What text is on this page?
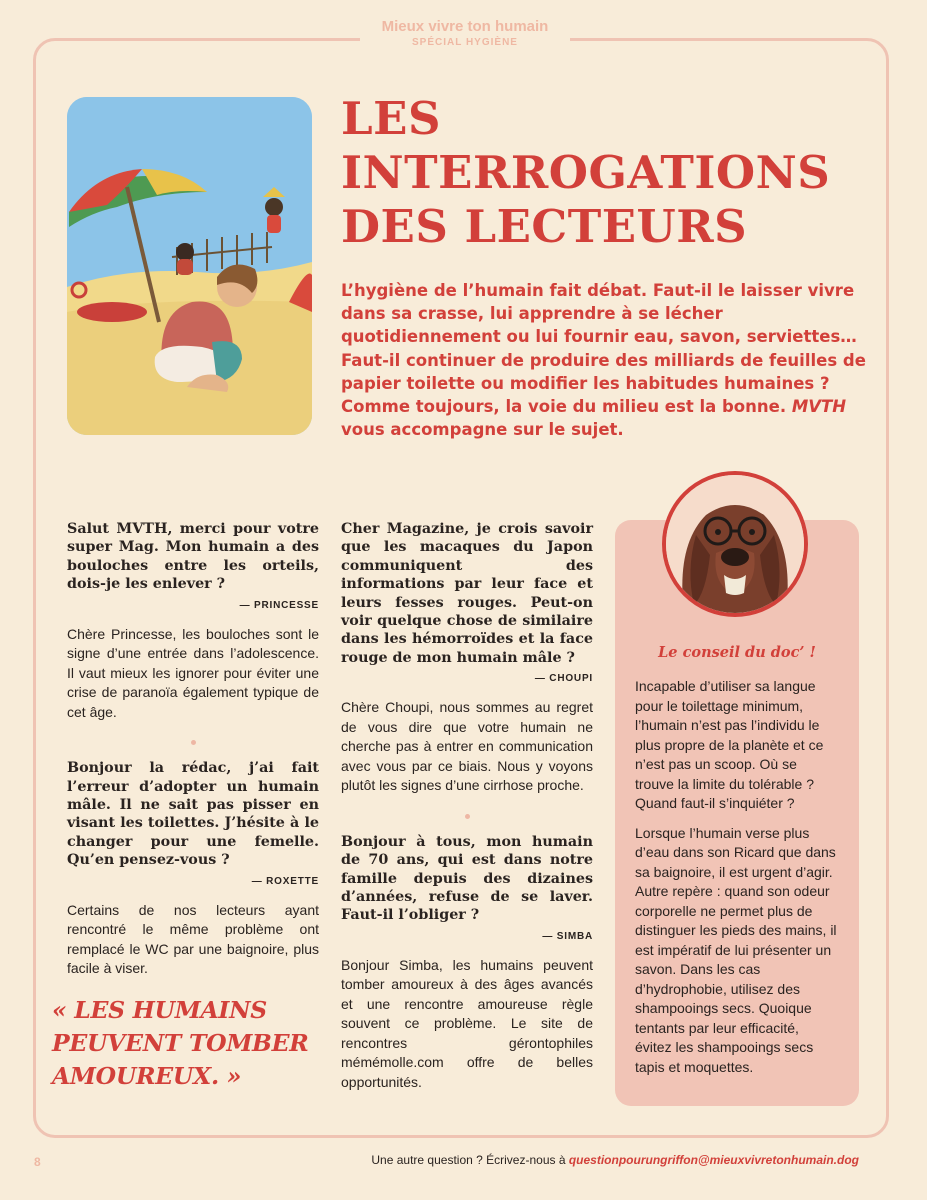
Mieux vivre ton humain
SPÉCIAL HYGIÈNE
LES
INTERROGATIONS
DES LECTEURS
L’hygiène de l’humain fait débat. Faut-il le laisser vivre dans sa crasse, lui apprendre à se lécher quotidiennement ou lui fournir eau, savon, serviettes… Faut-il continuer de produire des milliards de feuilles de papier toilette ou modifier les habitudes humaines ? Comme toujours, la voie du milieu est la bonne. MVTH vous accompagne sur le sujet.

Salut MVTH, merci pour votre super Mag. Mon humain a des bouloches entre les orteils, dois-je les enlever ?

— PRINCESSE

Chère Princesse, les bouloches sont le signe d’une entrée dans l’adolescence. Il vaut mieux les ignorer pour éviter une crise de paranoïa également typique de cet âge.

Bonjour la rédac, j’ai fait l’erreur d’adopter un humain mâle. Il ne sait pas pisser en visant les toilettes. J’hésite à le changer pour une femelle. Qu’en pensez-vous ?

— ROXETTE

Certains de nos lecteurs ayant rencontré le même problème ont remplacé le WC par une baignoire, plus facile à viser.

Cher Magazine, je crois savoir que les macaques du Japon communiquent des informations par leur face et leurs fesses rouges. Peut-on voir quelque chose de similaire dans les hémorroïdes et la face rouge de mon humain mâle ?

— CHOUPI

Chère Choupi, nous sommes au regret de vous dire que votre humain ne cherche pas à entrer en communication avec vous par ce biais. Nous y voyons plutôt les signes d’une cirrhose proche.

Bonjour à tous, mon humain de 70 ans, qui est dans notre famille depuis des dizaines d’années, refuse de se laver. Faut-il l’obliger ?

— SIMBA

Bonjour Simba, les humains peuvent tomber amoureux à des âges avancés et une rencontre amoureuse règle souvent ce problème. Le site de rencontres gérontophiles mémémolle.com offre de belles opportunités.

« LES HUMAINS PEUVENT TOMBER AMOUREUX. »
Le conseil du doc’ !

Incapable d’utiliser sa langue pour le toilettage minimum, l’humain n’est pas l’individu le plus propre de la planète et ce n’est pas un scoop. Où se trouve la limite du tolérable ? Quand faut-il s’inquiéter ?

Lorsque l’humain verse plus d’eau dans son Ricard que dans sa baignoire, il est urgent d’agir. Autre repère : quand son odeur corporelle ne permet plus de distinguer les pieds des mains, il est impératif de lui présenter un savon. Dans les cas d’hydrophobie, utilisez des shampooings secs. Quoique tentants par leur efficacité, évitez les shampooings secs tapis et moquettes.

8	Une autre question ? Écrivez-nous à questionpourungriffon@mieuxvivretonhumain.dog
